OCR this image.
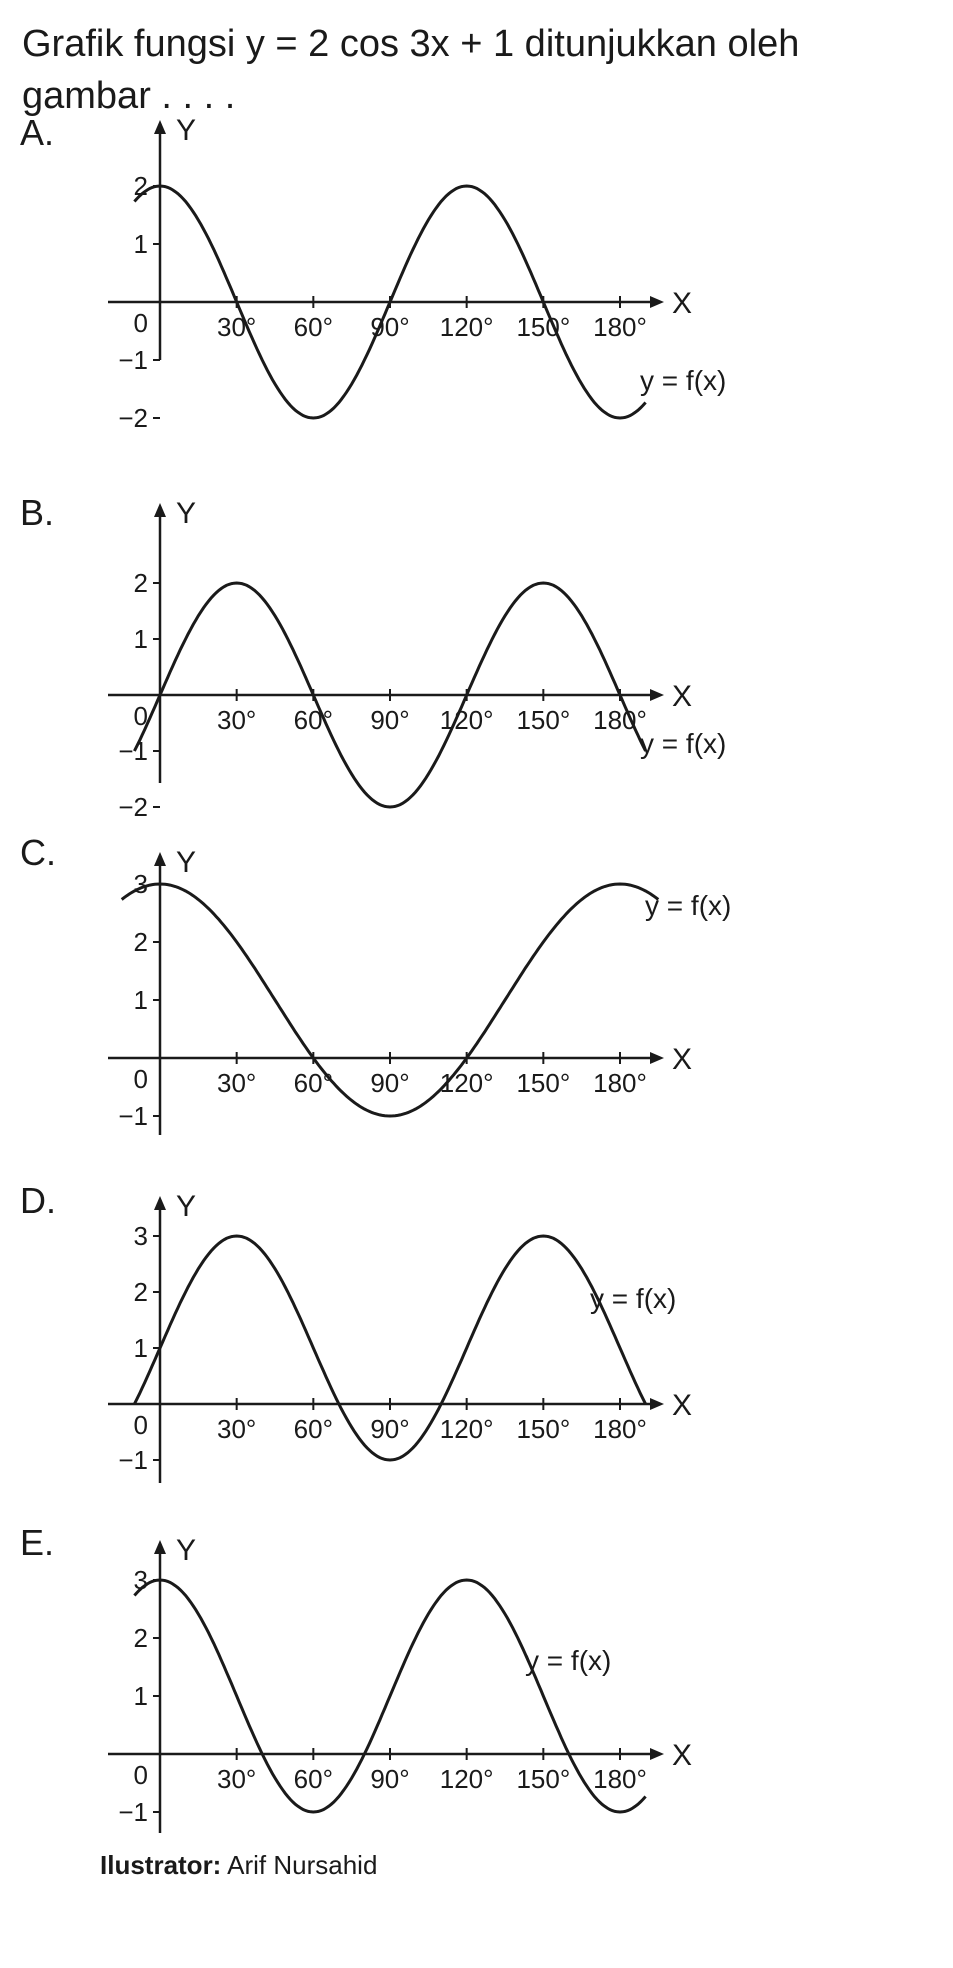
Grafik fungsi y = 2 cos 3x + 1 ditunjukkan oleh gambar . . . .
A.
X
Y
2
1
0
−1
−2
30° 60° 90° 120° 150° 180°
y = f(x)
B.
X
Y
2
1
0
−1
−2
30° 60° 90° 120° 150° 180°
y = f(x)
C.
X
Y
3
2
1
0
−1
30° 60° 90° 120° 150° 180°
y = f(x)
D.
X
Y
3
2
1
0
−1
30° 60° 90° 120° 150° 180°
y = f(x)
E.
X
Y
3
2
1
0
−1
30° 60° 90° 120° 150° 180°
y = f(x)
Ilustrator: Arif Nursahid
